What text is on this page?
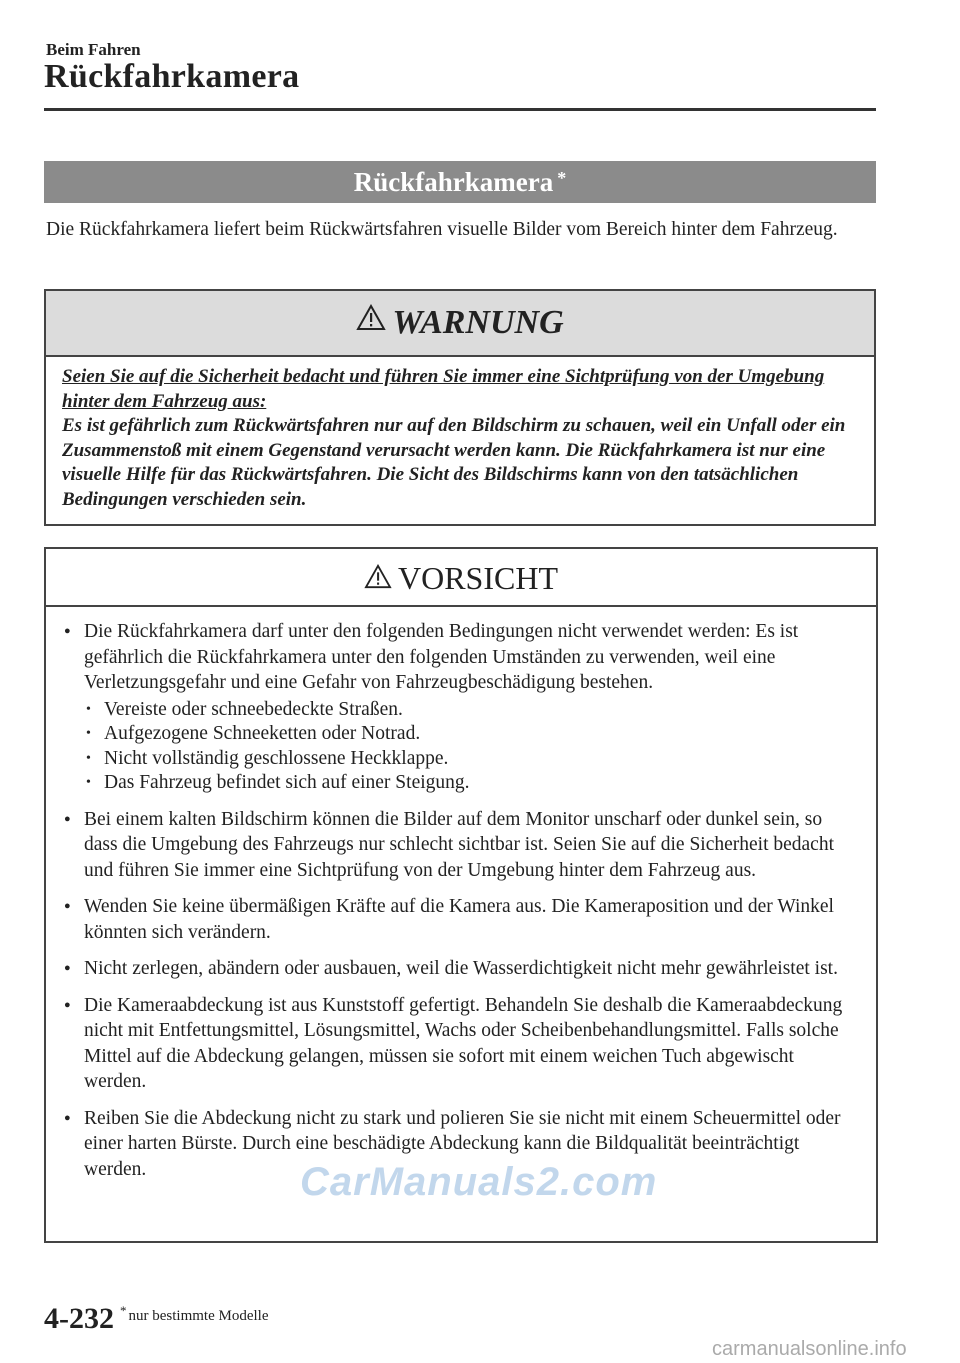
Beim Fahren
Rückfahrkamera
Rückfahrkamera *
Die Rückfahrkamera liefert beim Rückwärtsfahren visuelle Bilder vom Bereich hinter dem Fahrzeug.
WARNUNG
Seien Sie auf die Sicherheit bedacht und führen Sie immer eine Sichtprüfung von der Umgebung hinter dem Fahrzeug aus:
Es ist gefährlich zum Rückwärtsfahren nur auf den Bildschirm zu schauen, weil ein Unfall oder ein Zusammenstoß mit einem Gegenstand verursacht werden kann. Die Rückfahrkamera ist nur eine visuelle Hilfe für das Rückwärtsfahren. Die Sicht des Bildschirms kann von den tatsächlichen Bedingungen verschieden sein.
VORSICHT
● Die Rückfahrkamera darf unter den folgenden Bedingungen nicht verwendet werden: Es ist gefährlich die Rückfahrkamera unter den folgenden Umständen zu verwenden, weil eine Verletzungsgefahr und eine Gefahr von Fahrzeugbeschädigung bestehen.
• Vereiste oder schneebedeckte Straßen.
• Aufgezogene Schneeketten oder Notrad.
• Nicht vollständig geschlossene Heckklappe.
• Das Fahrzeug befindet sich auf einer Steigung.
● Bei einem kalten Bildschirm können die Bilder auf dem Monitor unscharf oder dunkel sein, so dass die Umgebung des Fahrzeugs nur schlecht sichtbar ist. Seien Sie auf die Sicherheit bedacht und führen Sie immer eine Sichtprüfung von der Umgebung hinter dem Fahrzeug aus.
● Wenden Sie keine übermäßigen Kräfte auf die Kamera aus. Die Kameraposition und der Winkel könnten sich verändern.
● Nicht zerlegen, abändern oder ausbauen, weil die Wasserdichtigkeit nicht mehr gewährleistet ist.
● Die Kameraabdeckung ist aus Kunststoff gefertigt. Behandeln Sie deshalb die Kameraabdeckung nicht mit Entfettungsmittel, Lösungsmittel, Wachs oder Scheibenbehandlungsmittel. Falls solche Mittel auf die Abdeckung gelangen, müssen sie sofort mit einem weichen Tuch abgewischt werden.
● Reiben Sie die Abdeckung nicht zu stark und polieren Sie sie nicht mit einem Scheuermittel oder einer harten Bürste. Durch eine beschädigte Abdeckung kann die Bildqualität beeinträchtigt werden.	CarManuals2.com
4-232 * nur bestimmte Modelle
carmanualsonline.info
